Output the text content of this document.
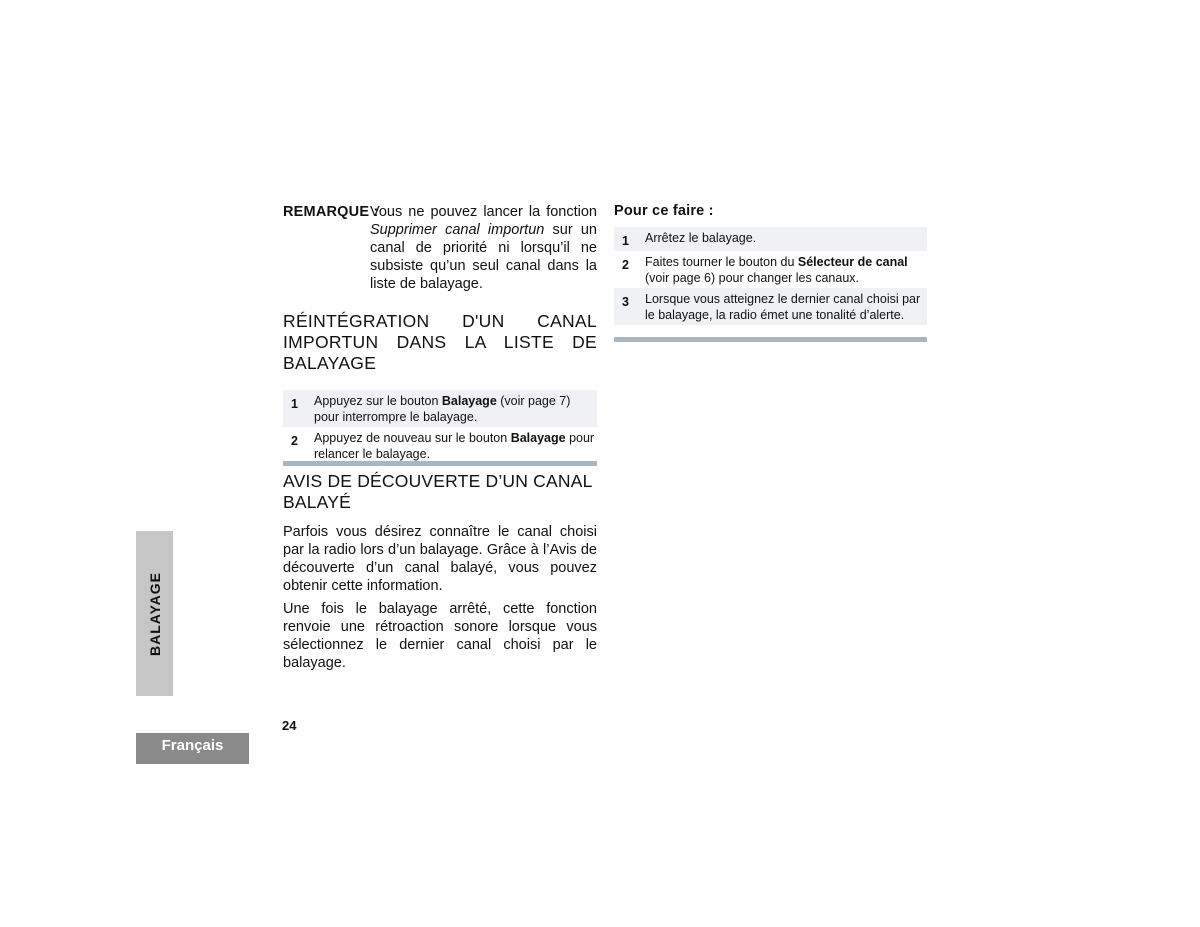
REMARQUE :
Vous ne pouvez lancer la fonction Supprimer canal importun sur un canal de priorité ni lorsqu’il ne subsiste qu’un seul canal dans la liste de balayage.
RÉINTÉGRATION D'UN CANAL IMPORTUN DANS LA LISTE DE BALAYAGE
1	Appuyez sur le bouton Balayage (voir page 7) pour interrompre le balayage.
2	Appuyez de nouveau sur le bouton Balayage pour relancer le balayage.
AVIS DE DÉCOUVERTE D’UN CANAL BALAYÉ

Parfois vous désirez connaître le canal choisi par la radio lors d’un balayage. Grâce à l’Avis de découverte d’un canal balayé, vous pouvez obtenir cette information.

Une fois le balayage arrêté, cette fonction renvoie une rétroaction sonore lorsque vous sélectionnez le dernier canal choisi par le balayage.

Pour ce faire :
1	Arrêtez le balayage.
2	Faites tourner le bouton du Sélecteur de canal (voir page 6) pour changer les canaux.
3	Lorsque vous atteignez le dernier canal choisi par le balayage, la radio émet une tonalité d’alerte.
BALAYAGE
Français
24
